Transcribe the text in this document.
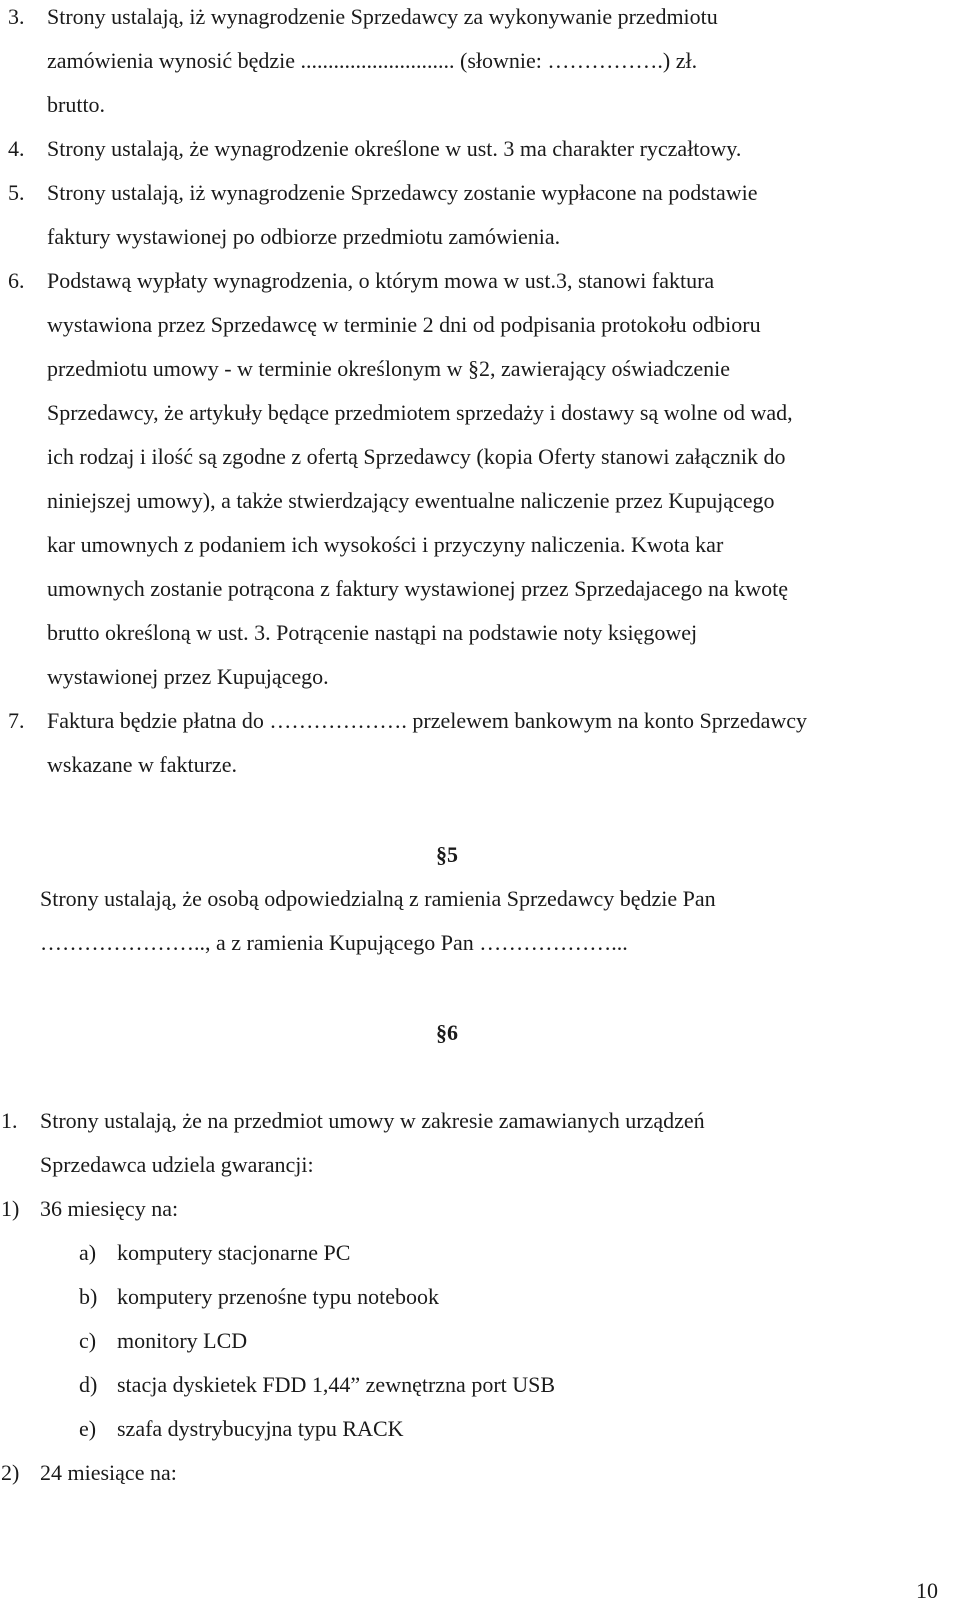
3. Strony ustalają, iż wynagrodzenie Sprzedawcy za wykonywanie przedmiotu
zamówienia wynosić będzie ............................ (słownie: …………….) zł.
brutto.
4. Strony ustalają, że wynagrodzenie określone w ust. 3 ma charakter ryczałtowy.
5. Strony ustalają, iż wynagrodzenie Sprzedawcy zostanie wypłacone na podstawie
faktury wystawionej po odbiorze przedmiotu zamówienia.
6. Podstawą wypłaty wynagrodzenia, o którym mowa w ust.3, stanowi faktura
wystawiona przez Sprzedawcę w terminie 2 dni od podpisania protokołu odbioru
przedmiotu umowy - w terminie określonym w §2, zawierający oświadczenie
Sprzedawcy, że artykuły będące przedmiotem sprzedaży i dostawy są wolne od wad,
ich rodzaj i ilość są zgodne z ofertą Sprzedawcy (kopia Oferty stanowi załącznik do
niniejszej umowy), a także stwierdzający ewentualne naliczenie przez Kupującego
kar umownych z podaniem ich wysokości i przyczyny naliczenia. Kwota kar
umownych zostanie potrącona z faktury wystawionej przez Sprzedajacego na kwotę
brutto określoną w ust. 3. Potrącenie nastąpi na podstawie noty księgowej
wystawionej przez Kupującego.
7. Faktura będzie płatna do ………………. przelewem bankowym na konto Sprzedawcy
wskazane w fakturze.
§5
Strony ustalają, że osobą odpowiedzialną z ramienia Sprzedawcy będzie Pan
………………….., a z ramienia Kupującego Pan ………………...
§6
1. Strony ustalają, że na przedmiot umowy w zakresie zamawianych urządzeń
Sprzedawca udziela gwarancji:
1) 36 miesięcy na:
a) komputery stacjonarne PC
b) komputery przenośne typu notebook
c) monitory LCD
d) stacja dyskietek FDD 1,44” zewnętrzna port USB
e) szafa dystrybucyjna typu RACK
2) 24 miesiące na:
10
